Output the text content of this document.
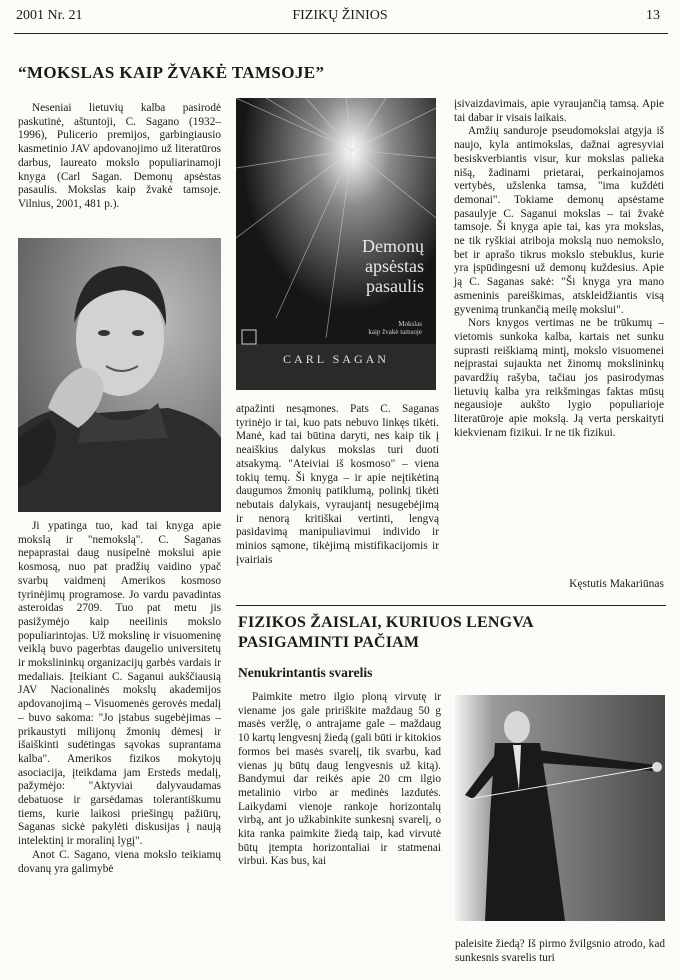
2001 Nr. 21	FIZIKŲ ŽINIOS	13
“MOKSLAS KAIP ŽVAKĖ TAMSOJE”

Neseniai lietuvių kalba pasirodė paskutinė, aštuntoji, C. Sagano (1932–1996), Pulicerio premijos, garbingiausio kasmetinio JAV apdovanojimo už literatūros darbus, laureato mokslo populiarinamoji knyga (Carl Sagan. Demonų apsėstas pasaulis. Mokslas kaip žvakė tamsoje. Vilnius, 2001, 481 p.).

Ji ypatinga tuo, kad tai knyga apie mokslą ir "nemokslą". C. Saganas nepaprastai daug nusipelnė mokslui apie kosmosą, nuo pat pradžių vaidino ypač svarbų vaidmenį Amerikos kosmoso tyrinėjimų programose. Jo vardu pavadintas asteroidas 2709. Tuo pat metu jis pasižymėjo kaip neeilinis mokslo populiarintojas. Už mokslinę ir visuomeninę veiklą buvo pagerbtas daugelio universitetų ir mokslininkų organizacijų garbės vardais ir medaliais. Įteikiant C. Saganui aukščiausią JAV Nacionalinės mokslų akademijos apdovanojimą – Visuomenės gerovės medalį – buvo sakoma: "Jo įstabus sugebėjimas – prikaustyti milijonų žmonių dėmesį ir išaiškinti sudėtingas sąvokas suprantama kalba". Amerikos fizikos mokytojų asociacija, įteikdama jam Ersteds medalį, pažymėjo: "Aktyviai dalyvaudamas debatuose ir garsėdamas tolerantiškumu tiems, kurie laikosi priešingų pažiūrų, Saganas sickė pakylėti diskusijas į naują intelektinį ir moralinį lygį".

Anot C. Sagano, viena mokslo teikiamų dovanų yra galimybė

Demonų
apsėstas
pasaulis
Mokslas
kaip žvakė tamsoje
CARL SAGAN

atpažinti nesąmones. Pats C. Saganas tyrinėjo ir tai, kuo pats nebuvo linkęs tikėti. Manė, kad tai būtina daryti, nes kaip tik į neaiškius dalykus mokslas turi duoti atsakymą. "Ateiviai iš kosmoso" – viena tokių temų. Ši knyga – ir apie neįtikėtiną daugumos žmonių patiklumą, polinkį tikėti nebutais dalykais, vyraujantį nesugebėjimą ir nenorą kritiškai vertinti, lengvą pasidavimą manipuliavimui individo ir minios sąmone, tikėjimą mistifikacijomis ir įvairiais

įsivaizdavimais, apie vyraujančią tamsą. Apie tai dabar ir visais laikais.

Amžių sanduroje pseudomokslai atgyja iš naujo, kyla antimokslas, dažnai agresyviai besiskverbiantis visur, kur mokslas palieka nišą, žadinami prietarai, perkainojamos vertybės, užslenka tamsa, "ima kuždėti demonai". Tokiame demonų apsėstame pasaulyje C. Saganui mokslas – tai žvakė tamsoje. Ši knyga apie tai, kas yra mokslas, ne tik ryškiai atriboja mokslą nuo nemokslo, bet ir aprašo tikrus mokslo stebuklus, kurie yra įspūdingesni už demonų kuždesius. Apie ją C. Saganas sakė: "Ši knyga yra mano asmeninis pareiškimas, atskleidžiantis visą gyvenimą trunkančią meilę mokslui".

Nors knygos vertimas ne be trūkumų – vietomis sunkoka kalba, kartais net sunku suprasti reiškiamą mintį, mokslo visuomenei neįprastai sujaukta net žinomų mokslininkų pavardžių rašyba, tačiau jos pasirodymas lietuvių kalba yra reikšmingas faktas mūsų negausioje aukšto lygio populiarioje literatūroje apie mokslą. Ją verta perskaityti kiekvienam fizikui. Ir ne tik fizikui.

Kęstutis Makariūnas
FIZIKOS ŽAISLAI, KURIUOS LENGVA
PASIGAMINTI PAČIAM
Nenukrintantis svarelis

Paimkite metro ilgio ploną virvutę ir viename jos gale pririškite maždaug 50 g masės veržlę, o antrajame gale – maždaug 10 kartų lengvesnį žiedą (gali būti ir kitokios formos bei masės svarelį, tik svarbu, kad vienas jų būtų daug lengvesnis už kitą). Bandymui dar reikės apie 20 cm ilgio metalinio virbo ar medinės lazdutės. Laikydami vienoje rankoje horizontalų virbą, ant jo užkabinkite sunkesnį svarelį, o kita ranka paimkite žiedą taip, kad virvutė būtų įtempta horizontaliai ir statmenai virbui. Kas bus, kai

paleisite žiedą? Iš pirmo žvilgsnio atrodo, kad sunkesnis svarelis turi
